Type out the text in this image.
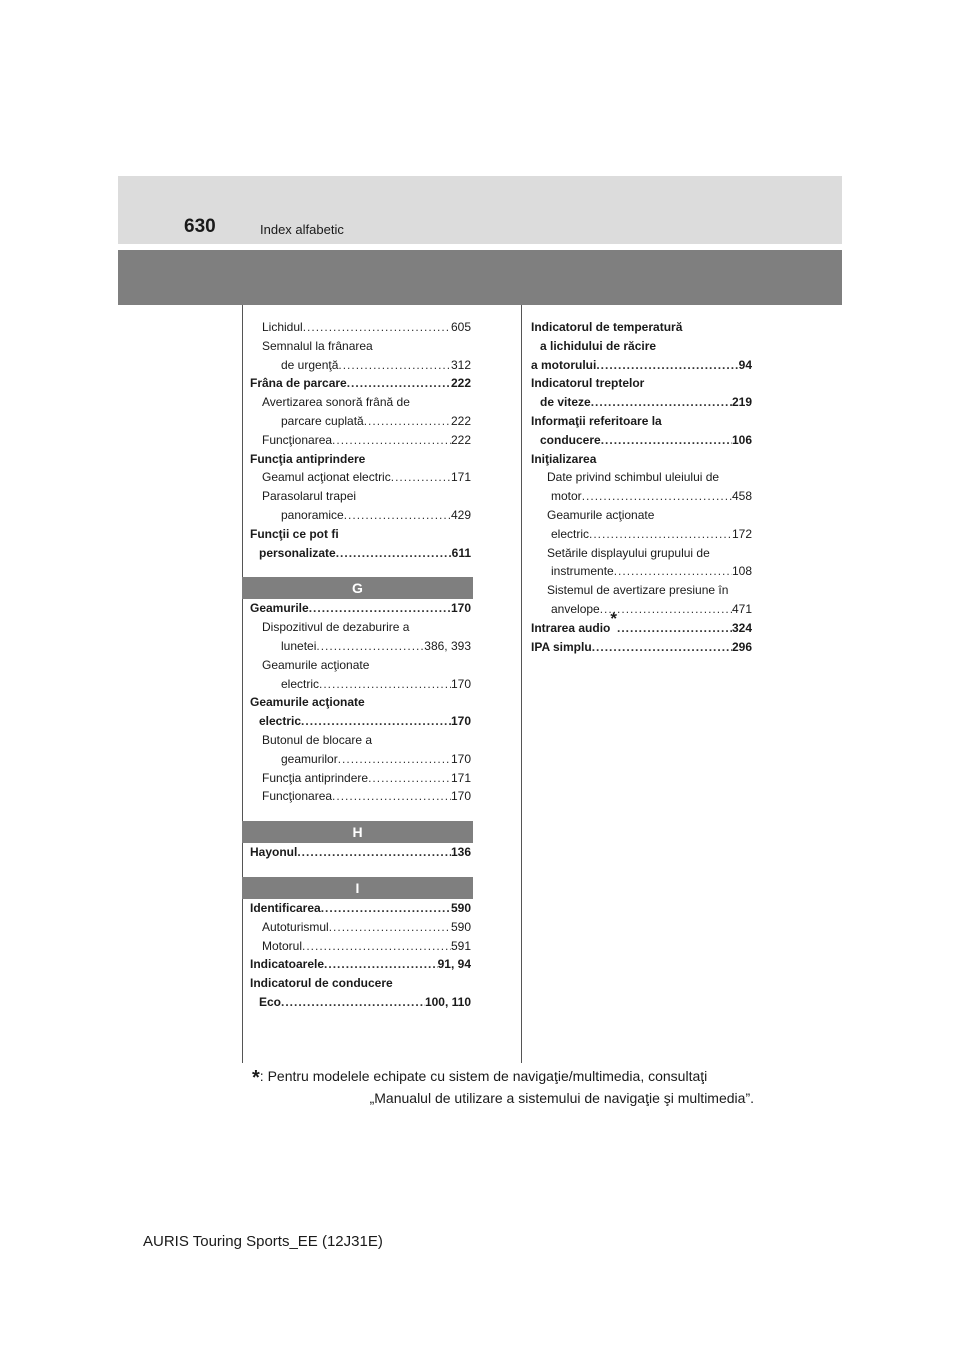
630	Index alfabetic
Lichidul .....	605
Semnalul la frânarea
de urgenţă .....	312
Frâna de parcare .....	222
Avertizarea sonoră frână de
parcare cuplată .....	222
Funcţionarea .....	222
Funcţia antiprindere
Geamul acţionat electric .....	171
Parasolarul trapei
panoramice .....	429
Funcţii ce pot fi
personalizate .....	611
G
Geamurile .....	170
Dispozitivul de dezaburire a
lunetei .....	386, 393
Geamurile acţionate
electric .....	170
Geamurile acţionate
electric .....	170
Butonul de blocare a
geamurilor .....	170
Funcţia antiprindere .....	171
Funcţionarea .....	170
H
Hayonul .....	136
I
Identificarea .....	590
Autoturismul .....	590
Motorul .....	591
Indicatoarele .....	91, 94
Indicatorul de conducere
Eco .....	100, 110
Indicatorul de temperatură
a lichidului de răcire
a motorului .....	94
Indicatorul treptelor
de viteze .....	219
Informaţii referitoare la
conducere .....	106
Iniţializarea
Date privind schimbul uleiului de
motor .....	458
Geamurile acţionate
electric .....	172
Setările displayului grupului de
instrumente .....	108
Sistemul de avertizare presiune în
anvelope .....	471
Intrarea audio * .....	324
IPA simplu .....	296
*: Pentru modelele echipate cu sistem de navigaţie/multimedia, consultaţi
„Manualul de utilizare a sistemului de navigaţie şi multimedia”.
AURIS Touring Sports_EE (12J31E)
